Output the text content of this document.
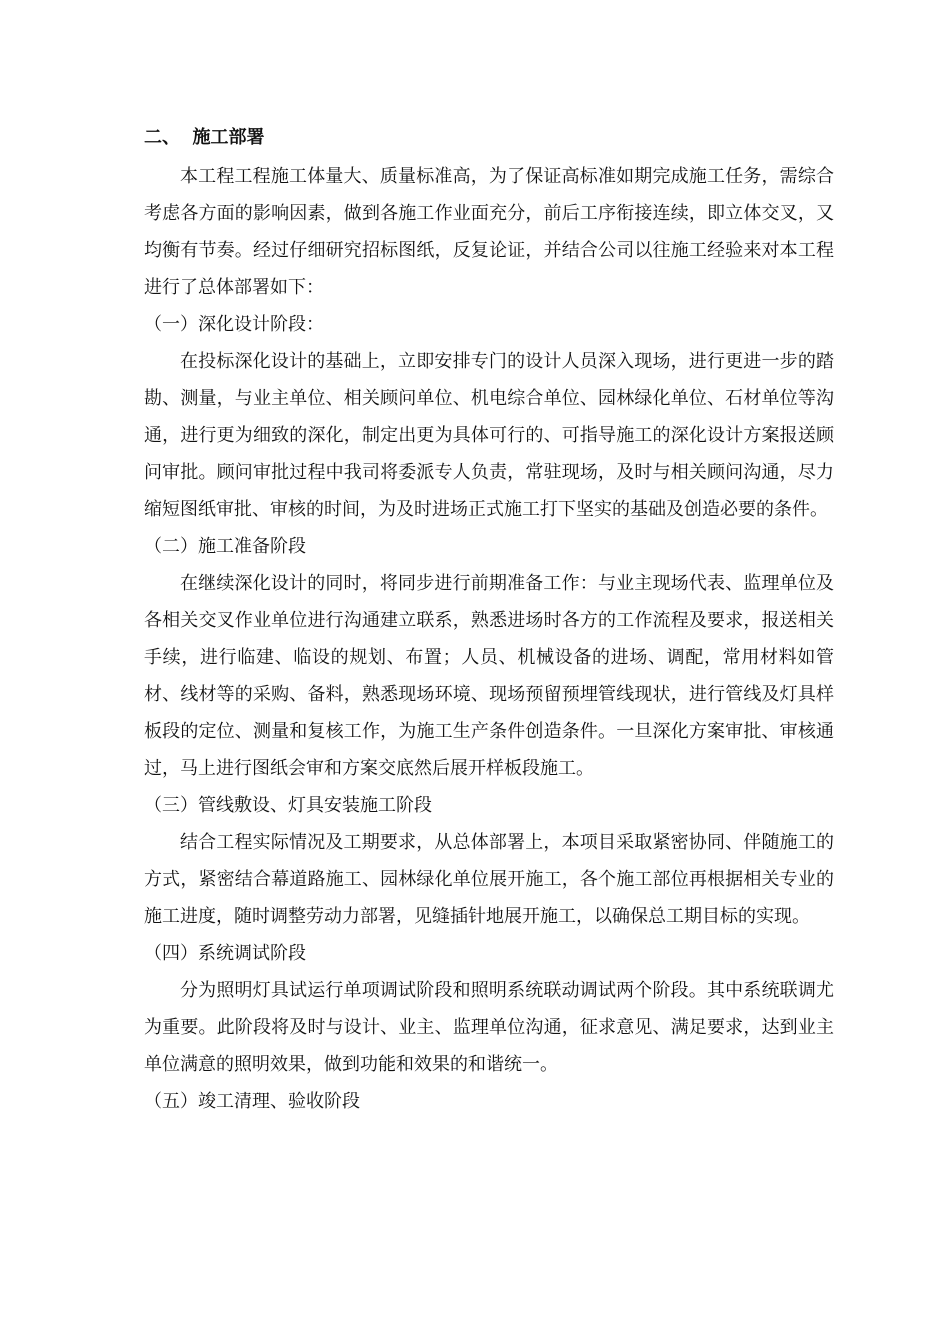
二、 施工部署

本工程工程施工体量大、质量标准高，为了保证高标准如期完成施工任务，需综合考虑各方面的影响因素，做到各施工作业面充分，前后工序衔接连续，即立体交叉，又均衡有节奏。经过仔细研究招标图纸，反复论证，并结合公司以往施工经验来对本工程进行了总体部署如下：

（一）深化设计阶段：

在投标深化设计的基础上，立即安排专门的设计人员深入现场，进行更进一步的踏勘、测量，与业主单位、相关顾问单位、机电综合单位、园林绿化单位、石材单位等沟通，进行更为细致的深化，制定出更为具体可行的、可指导施工的深化设计方案报送顾问审批。顾问审批过程中我司将委派专人负责，常驻现场，及时与相关顾问沟通，尽力缩短图纸审批、审核的时间，为及时进场正式施工打下坚实的基础及创造必要的条件。

（二）施工准备阶段

在继续深化设计的同时，将同步进行前期准备工作：与业主现场代表、监理单位及各相关交叉作业单位进行沟通建立联系，熟悉进场时各方的工作流程及要求，报送相关手续，进行临建、临设的规划、布置；人员、机械设备的进场、调配，常用材料如管材、线材等的采购、备料，熟悉现场环境、现场预留预埋管线现状，进行管线及灯具样板段的定位、测量和复核工作，为施工生产条件创造条件。一旦深化方案审批、审核通过，马上进行图纸会审和方案交底然后展开样板段施工。

（三）管线敷设、灯具安装施工阶段

结合工程实际情况及工期要求，从总体部署上，本项目采取紧密协同、伴随施工的方式，紧密结合幕道路施工、园林绿化单位展开施工，各个施工部位再根据相关专业的施工进度，随时调整劳动力部署，见缝插针地展开施工，以确保总工期目标的实现。

（四）系统调试阶段

分为照明灯具试运行单项调试阶段和照明系统联动调试两个阶段。其中系统联调尤为重要。此阶段将及时与设计、业主、监理单位沟通，征求意见、满足要求，达到业主单位满意的照明效果，做到功能和效果的和谐统一。

（五）竣工清理、验收阶段
